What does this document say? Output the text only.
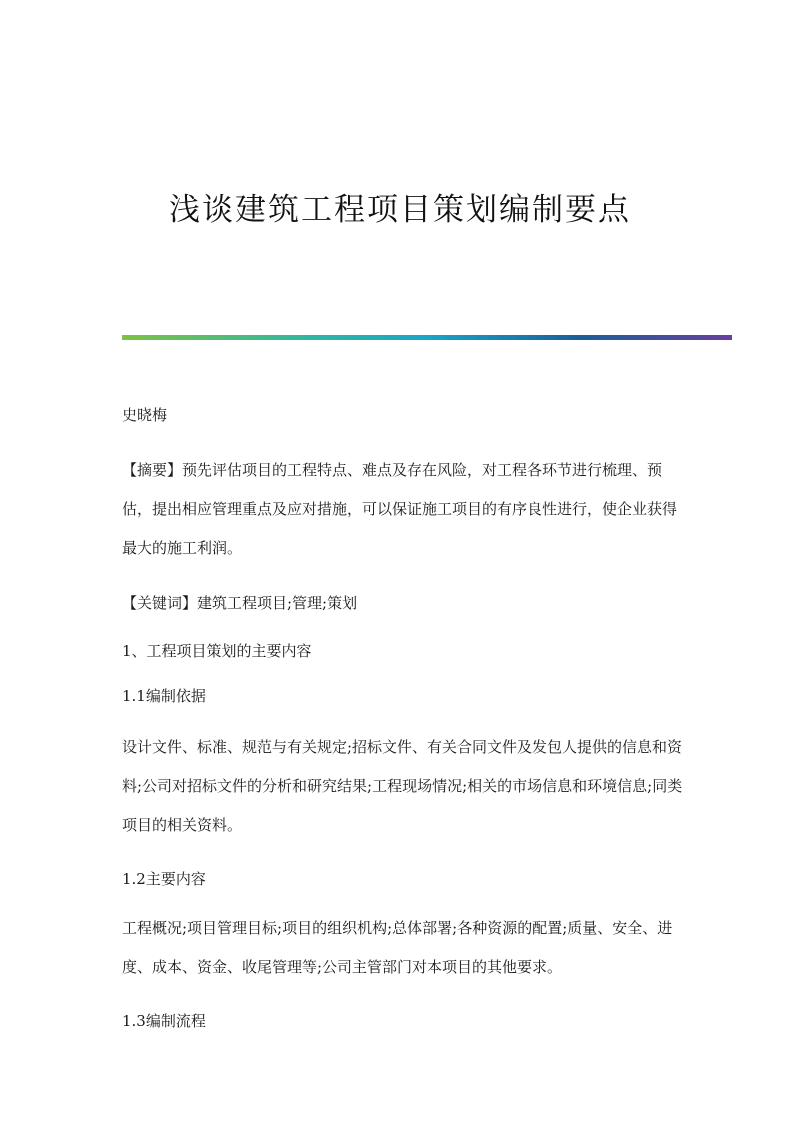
浅谈建筑工程项目策划编制要点

史晓梅

【摘要】预先评估项目的工程特点、难点及存在风险，对工程各环节进行梳理、预估，提出相应管理重点及应对措施，可以保证施工项目的有序良性进行，使企业获得最大的施工利润。

【关键词】建筑工程项目;管理;策划

1、工程项目策划的主要内容

1.1编制依据

设计文件、标准、规范与有关规定;招标文件、有关合同文件及发包人提供的信息和资料;公司对招标文件的分析和研究结果;工程现场情况;相关的市场信息和环境信息;同类项目的相关资料。

1.2主要内容

工程概况;项目管理目标;项目的组织机构;总体部署;各种资源的配置;质量、安全、进度、成本、资金、收尾管理等;公司主管部门对本项目的其他要求。

1.3编制流程
